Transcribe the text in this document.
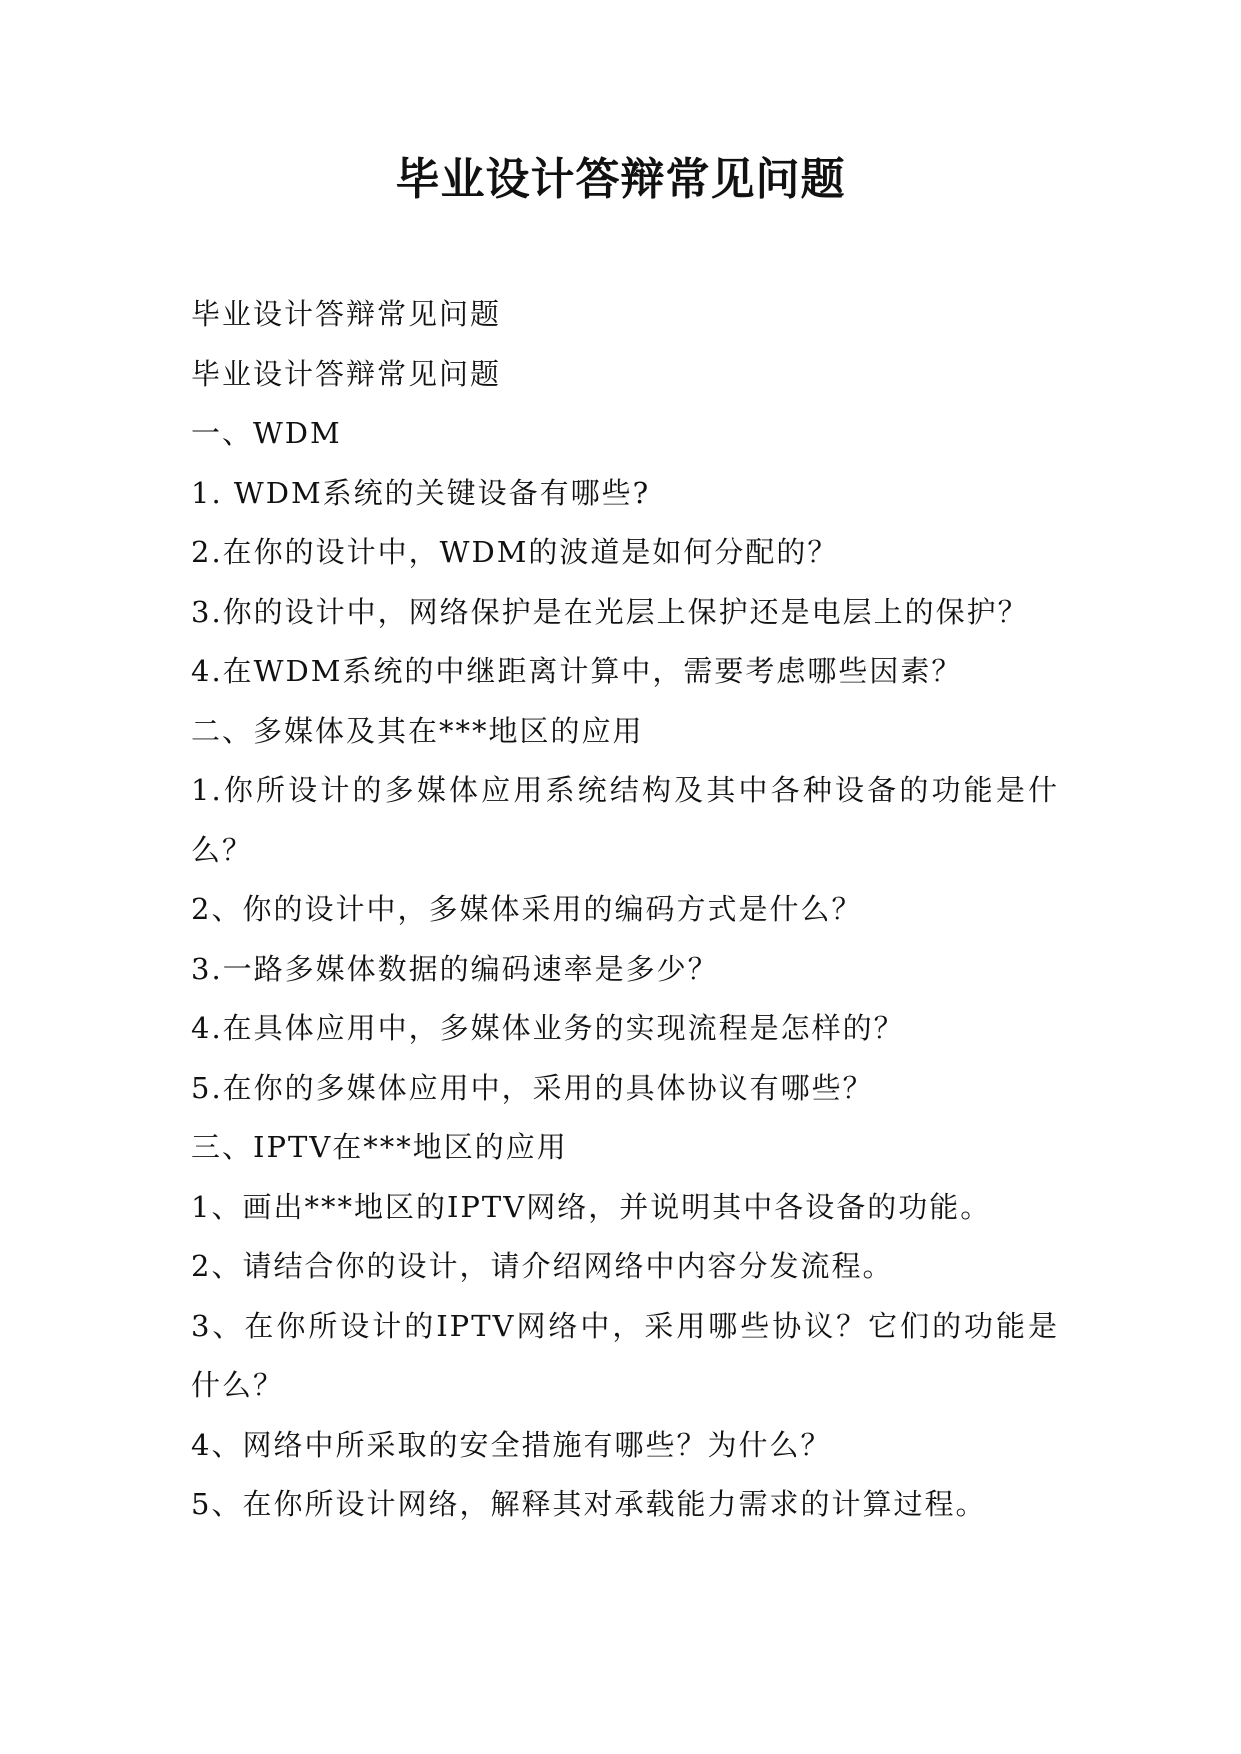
毕业设计答辩常见问题

毕业设计答辩常见问题

毕业设计答辩常见问题

一、WDM

1. WDM系统的关键设备有哪些?

2.在你的设计中，WDM的波道是如何分配的？

3.你的设计中，网络保护是在光层上保护还是电层上的保护？

4.在WDM系统的中继距离计算中，需要考虑哪些因素？

二、多媒体及其在***地区的应用

1.你所设计的多媒体应用系统结构及其中各种设备的功能是什么？

2、你的设计中，多媒体采用的编码方式是什么？

3.一路多媒体数据的编码速率是多少？

4.在具体应用中，多媒体业务的实现流程是怎样的？

5.在你的多媒体应用中，采用的具体协议有哪些？

三、IPTV在***地区的应用

1、画出***地区的IPTV网络，并说明其中各设备的功能。

2、请结合你的设计，请介绍网络中内容分发流程。

3、在你所设计的IPTV网络中，采用哪些协议？它们的功能是什么？

4、网络中所采取的安全措施有哪些？为什么？

5、在你所设计网络，解释其对承载能力需求的计算过程。
